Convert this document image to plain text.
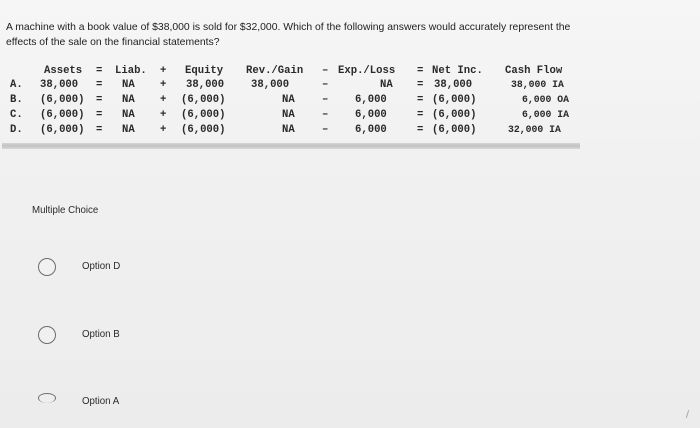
A machine with a book value of $38,000 is sold for $32,000. Which of the following answers would accurately represent the
effects of the sale on the financial statements?
Assets = Liab. + Equity Rev./Gain – Exp./Loss = Net Inc. Cash Flow
A. 38,000 = NA + 38,000	38,000	–	NA = 38,000	38,000 IA
B. (6,000) = NA + (6,000)	NA	–	6,000	= (6,000)	6,000 OA
C. (6,000) = NA + (6,000)	NA	–	6,000	= (6,000)	6,000 IA
D. (6,000) = NA + (6,000)	NA	–	6,000	= (6,000)	32,000 IA
Multiple Choice
Option D
Option B
Option A
